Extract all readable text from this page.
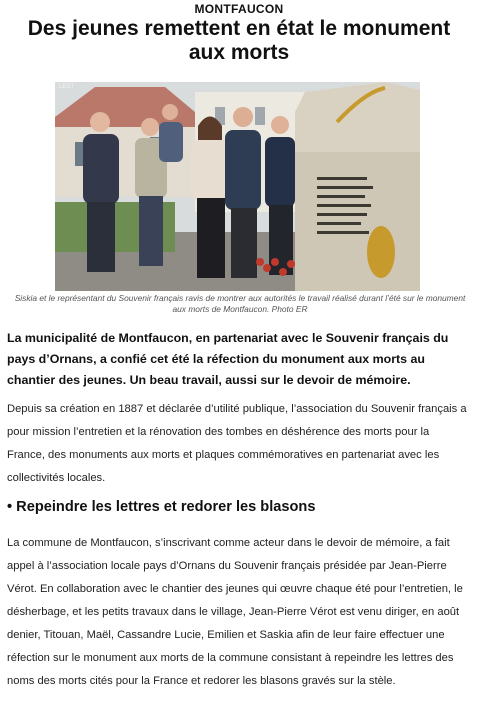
MONTFAUCON
Des jeunes remettent en état le monument aux morts
LEST
Siskia et le représentant du Souvenir français ravis de montrer aux autorités le travail réalisé durant l’été sur le monument aux morts de Montfaucon. Photo ER
La municipalité de Montfaucon, en partenariat avec le Souvenir français du pays d’Ornans, a confié cet été la réfection du monument aux morts au chantier des jeunes. Un beau travail, aussi sur le devoir de mémoire.
Depuis sa création en 1887 et déclarée d’utilité publique, l’association du Souvenir français a pour mission l’entretien et la rénovation des tombes en déshérence des morts pour la France, des monuments aux morts et plaques commémoratives en partenariat avec les collectivités locales.
• Repeindre les lettres et redorer les blasons
La commune de Montfaucon, s’inscrivant comme acteur dans le devoir de mémoire, a fait appel à l’association locale pays d’Ornans du Souvenir français présidée par Jean-Pierre Vérot. En collaboration avec le chantier des jeunes qui œuvre chaque été pour l’entretien, le désherbage, et les petits travaux dans le village, Jean-Pierre Vérot est venu diriger, en août denier, Titouan, Maël, Cassandre Lucie, Emilien et Saskia afin de leur faire effectuer une réfection sur le monument aux morts de la commune consistant à repeindre les lettres des noms des morts cités pour la France et redorer les blasons gravés sur la stèle.
